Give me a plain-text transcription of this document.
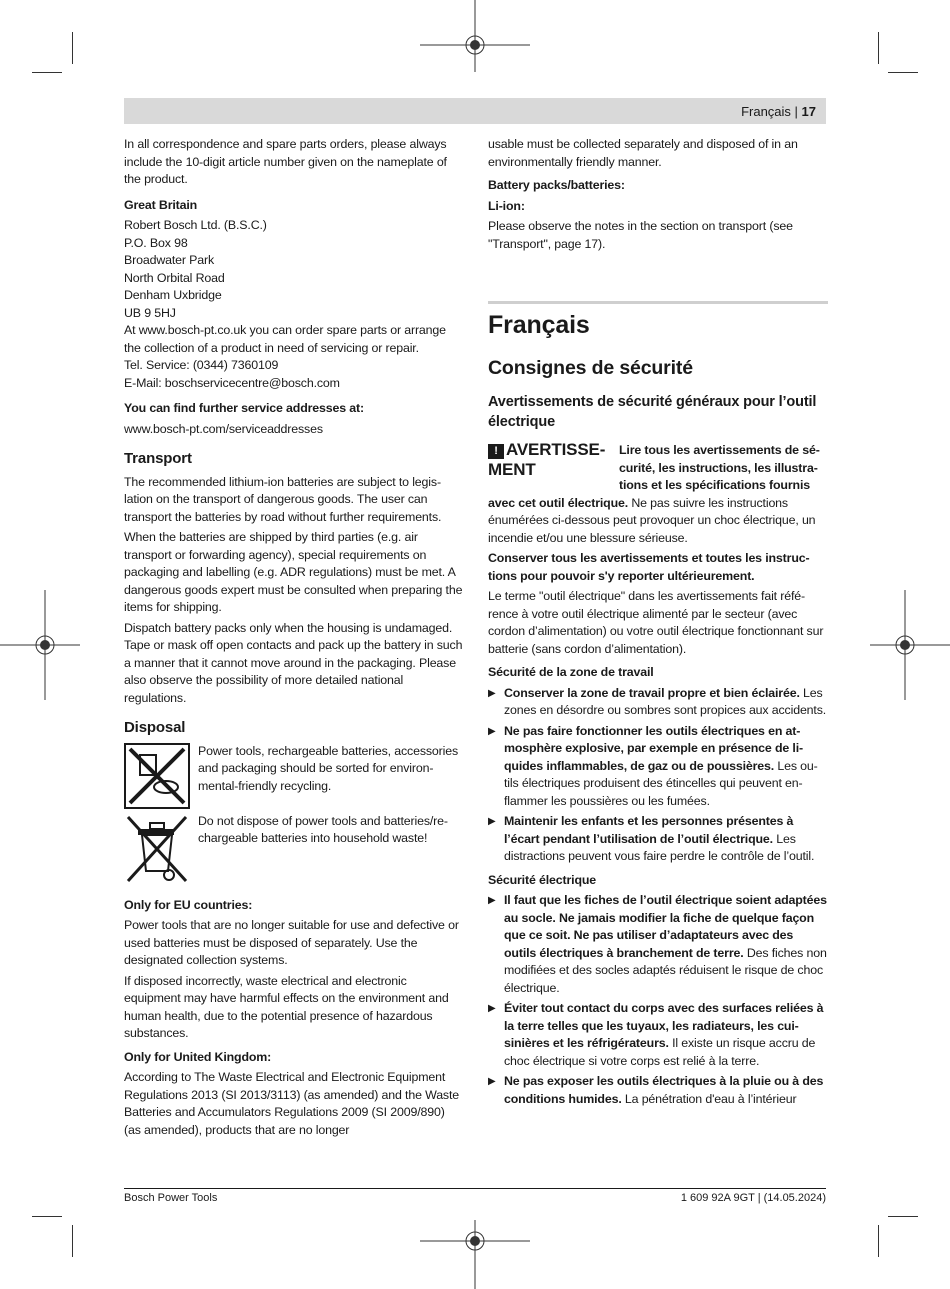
Français | 17

In all correspondence and spare parts orders, please always include the 10‑digit article number given on the nameplate of the product.

Great Britain

Robert Bosch Ltd. (B.S.C.)
P.O. Box 98
Broadwater Park
North Orbital Road
Denham Uxbridge
UB 9 5HJ

At www.bosch-pt.co.uk you can order spare parts or arrange the collection of a product in need of servicing or repair.

Tel. Service: (0344) 7360109
E-Mail: boschservicecentre@bosch.com

You can find further service addresses at:

www.bosch-pt.com/serviceaddresses

Transport

The recommended lithium-ion batteries are subject to legislation on the transport of dangerous goods. The user can transport the batteries by road without further requirements.

When the batteries are shipped by third parties (e.g. air transport or forwarding agency), special requirements on packaging and labelling (e.g. ADR regulations) must be met. A dangerous goods expert must be consulted when preparing the items for shipping.

Dispatch battery packs only when the housing is undamaged. Tape or mask off open contacts and pack up the battery in such a manner that it cannot move around in the packaging. Please also observe the possibility of more detailed national regulations.

Disposal
Power tools, rechargeable batteries, accessories and packaging should be sorted for environmental-friendly recycling.
Do not dispose of power tools and batteries/rechargeable batteries into household waste!

Only for EU countries:

Power tools that are no longer suitable for use and defective or used batteries must be disposed of separately. Use the designated collection systems.

If disposed incorrectly, waste electrical and electronic equipment may have harmful effects on the environment and human health, due to the potential presence of hazardous substances.

Only for United Kingdom:

According to The Waste Electrical and Electronic Equipment Regulations 2013 (SI 2013/3113) (as amended) and the Waste Batteries and Accumulators Regulations 2009 (SI 2009/890) (as amended), products that are no longer

usable must be collected separately and disposed of in an environmentally friendly manner.

Battery packs/batteries:

Li-ion:

Please observe the notes in the section on transport (see "Transport", page 17).

Français
Consignes de sécurité
Avertissements de sécurité généraux pour l’outil électrique
! AVERTISSEMENT
Lire tous les avertissements de sécurité, les instructions, les illustrations et les spécifications fournis

avec cet outil électrique. Ne pas suivre les instructions énumérées ci-dessous peut provoquer un choc électrique, un incendie et/ou une blessure sérieuse.

Conserver tous les avertissements et toutes les instructions pour pouvoir s'y reporter ultérieurement.

Le terme "outil électrique" dans les avertissements fait référence à votre outil électrique alimenté par le secteur (avec cordon d’alimentation) ou votre outil électrique fonctionnant sur batterie (sans cordon d’alimentation).

Sécurité de la zone de travail

▶ Conserver la zone de travail propre et bien éclairée. Les zones en désordre ou sombres sont propices aux accidents.
▶ Ne pas faire fonctionner les outils électriques en atmosphère explosive, par exemple en présence de liquides inflammables, de gaz ou de poussières. Les outils électriques produisent des étincelles qui peuvent enflammer les poussières ou les fumées.
▶ Maintenir les enfants et les personnes présentes à l’écart pendant l’utilisation de l’outil électrique. Les distractions peuvent vous faire perdre le contrôle de l’outil.

Sécurité électrique

▶ Il faut que les fiches de l’outil électrique soient adaptées au socle. Ne jamais modifier la fiche de quelque façon que ce soit. Ne pas utiliser d’adaptateurs avec des outils électriques à branchement de terre. Des fiches non modifiées et des socles adaptés réduisent le risque de choc électrique.
▶ Éviter tout contact du corps avec des surfaces reliées à la terre telles que les tuyaux, les radiateurs, les cuisinières et les réfrigérateurs. Il existe un risque accru de choc électrique si votre corps est relié à la terre.
▶ Ne pas exposer les outils électriques à la pluie ou à des conditions humides. La pénétration d'eau à l’intérieur
Bosch Power Tools	1 609 92A 9GT | (14.05.2024)
